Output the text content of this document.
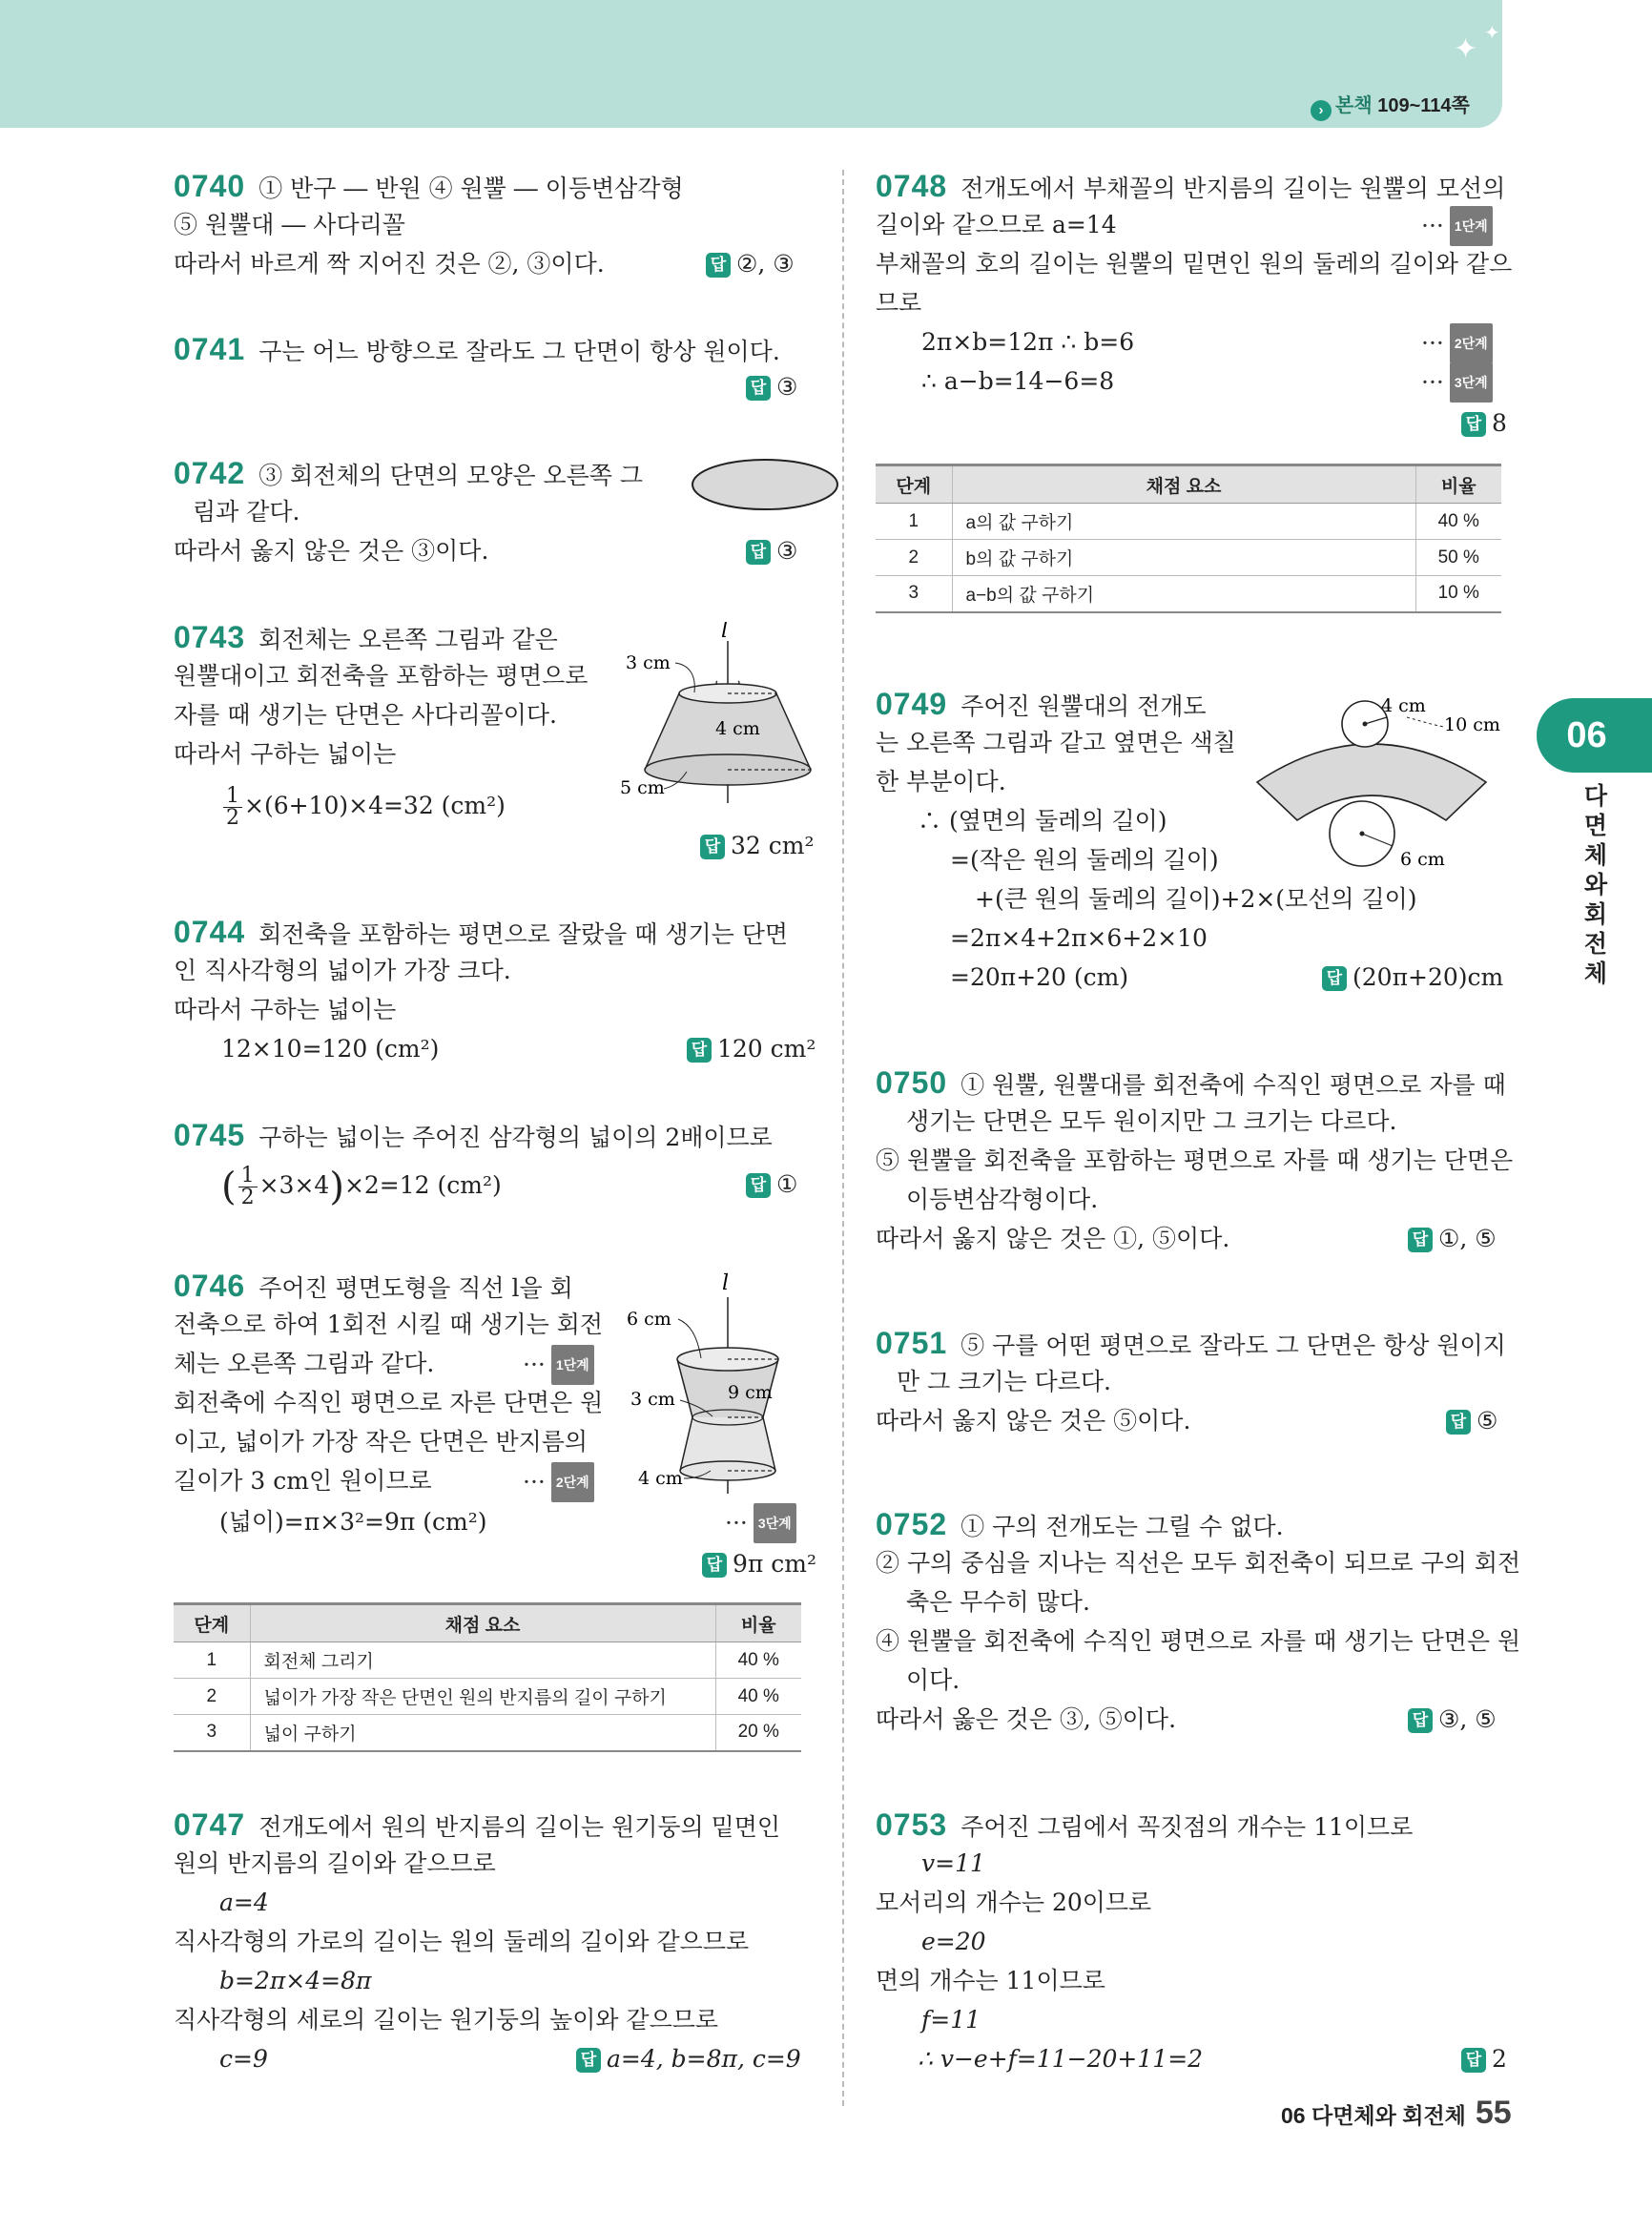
✦ ✦
› 본책 109~114쪽
06
다면체와 회전체
0740 ① 반구 ― 반원 ④ 원뿔 ― 이등변삼각형
⑤ 원뿔대 ― 사다리꼴
따라서 바르게 짝 지어진 것은 ②, ③이다.	답 ②, ③
0741 구는 어느 방향으로 잘라도 그 단면이 항상 원이다.
답 ③
0742 ③ 회전체의 단면의 모양은 오른쪽 그
림과 같다.
따라서 옳지 않은 것은 ③이다.	답 ③
0743 회전체는 오른쪽 그림과 같은
원뿔대이고 회전축을 포함하는 평면으로
자를 때 생기는 단면은 사다리꼴이다.
따라서 구하는 넓이는
$\frac{1}{2} \times(6+10)\times 4=32$ (cm²)
답 32 cm²
l
3 cm
4 cm
5 cm
0744 회전축을 포함하는 평면으로 잘랐을 때 생기는 단면
인 직사각형의 넓이가 가장 크다.
따라서 구하는 넓이는
12×10=120 (cm²)	답 120 cm²
0745 구하는 넓이는 주어진 삼각형의 넓이의 2배이므로
( $\frac{1}{2} \times 3\times 4)\times 2=12$ (cm²)	답 ①
0746 주어진 평면도형을 직선 l을 회
전축으로 하여 1회전 시킬 때 생기는 회전
체는 오른쪽 그림과 같다.	··· 1단계
회전축에 수직인 평면으로 자른 단면은 원
이고, 넓이가 가장 작은 단면은 반지름의
길이가 3 cm인 원이므로	··· 2단계
(넓이)=π×3²=9π (cm²)	··· 3단계
답 9π cm²
l
6 cm
3 cm	9 cm
4 cm
단계	채점 요소	비율
1	회전체 그리기	40 %
2	넓이가 가장 작은 단면인 원의 반지름의 길이 구하기	40 %
3	넓이 구하기	20 %
0747 전개도에서 원의 반지름의 길이는 원기둥의 밑면인
원의 반지름의 길이와 같으므로
a=4
직사각형의 가로의 길이는 원의 둘레의 길이와 같으므로
b=2π×4=8π
직사각형의 세로의 길이는 원기둥의 높이와 같으므로
c=9	답 a=4, b=8π, c=9
0748 전개도에서 부채꼴의 반지름의 길이는 원뿔의 모선의
길이와 같으므로 a=14	··· 1단계
부채꼴의 호의 길이는 원뿔의 밑면인 원의 둘레의 길이와 같으
므로
2π×b=12π ∴ b=6	··· 2단계
∴ a−b=14−6=8	··· 3단계
답 8
단계	채점 요소	비율
1	a의 값 구하기	40 %
2	b의 값 구하기	50 %
3	a−b의 값 구하기	10 %
0749 주어진 원뿔대의 전개도
는 오른쪽 그림과 같고 옆면은 색칠
한 부분이다.
∴ (옆면의 둘레의 길이)
=(작은 원의 둘레의 길이)
+(큰 원의 둘레의 길이)+2×(모선의 길이)
=2π×4+2π×6+2×10
=20π+20 (cm)	답 (20π+20)cm
4 cm
10 cm
6 cm
0750 ① 원뿔, 원뿔대를 회전축에 수직인 평면으로 자를 때
생기는 단면은 모두 원이지만 그 크기는 다르다.
⑤ 원뿔을 회전축을 포함하는 평면으로 자를 때 생기는 단면은
이등변삼각형이다.
따라서 옳지 않은 것은 ①, ⑤이다.	답 ①, ⑤
0751 ⑤ 구를 어떤 평면으로 잘라도 그 단면은 항상 원이지
만 그 크기는 다르다.
따라서 옳지 않은 것은 ⑤이다.	답 ⑤
0752 ① 구의 전개도는 그릴 수 없다.
② 구의 중심을 지나는 직선은 모두 회전축이 되므로 구의 회전
축은 무수히 많다.
④ 원뿔을 회전축에 수직인 평면으로 자를 때 생기는 단면은 원
이다.
따라서 옳은 것은 ③, ⑤이다.	답 ③, ⑤
0753 주어진 그림에서 꼭짓점의 개수는 11이므로
v=11
모서리의 개수는 20이므로
e=20
면의 개수는 11이므로
f=11
∴ v−e+f=11−20+11=2	답 2
06 다면체와 회전체 55
